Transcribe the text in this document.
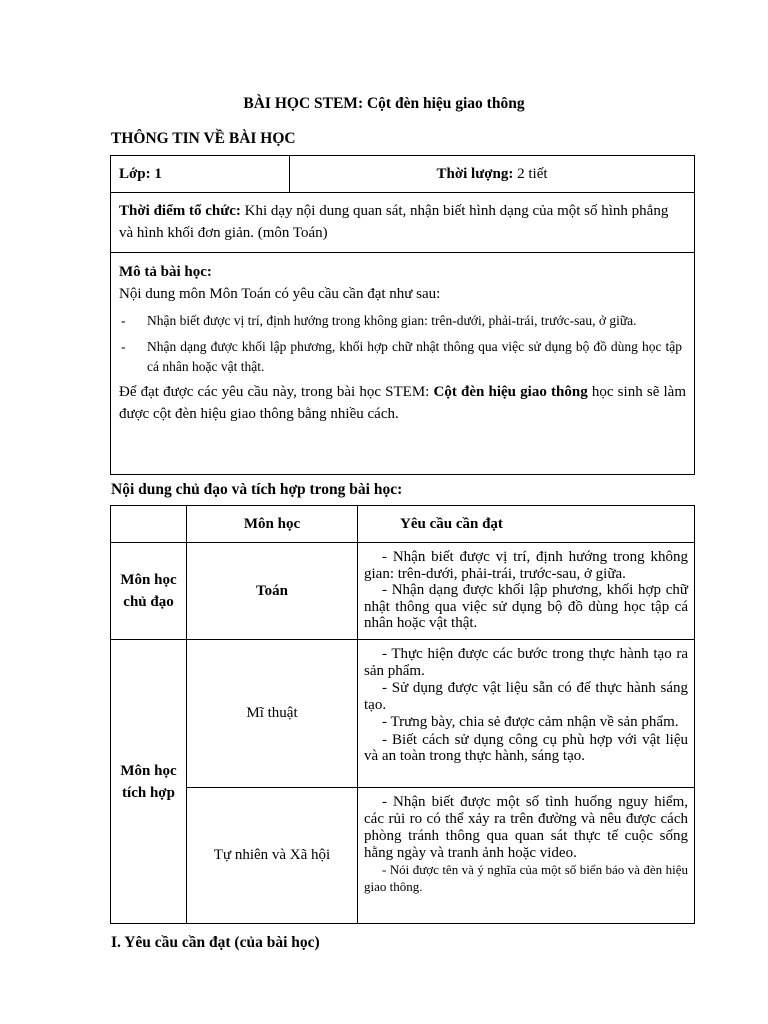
BÀI HỌC STEM: Cột đèn hiệu giao thông
THÔNG TIN VỀ BÀI HỌC
Lớp: 1	Thời lượng: 2 tiết
Thời điểm tổ chức: Khi dạy nội dung quan sát, nhận biết hình dạng của một số hình phẳng và hình khối đơn giản. (môn Toán)

Mô tả bài học:
Nội dung môn Môn Toán có yêu cầu cần đạt như sau:
-	Nhận biết được vị trí, định hướng trong không gian: trên-dưới, phải-trái, trước-sau, ở giữa.
-	Nhận dạng được khối lập phương, khối hợp chữ nhật thông qua việc sử dụng bộ đồ dùng học tập cá nhân hoặc vật thật.
Để đạt được các yêu cầu này, trong bài học STEM: Cột đèn hiệu giao thông học sinh sẽ làm được cột đèn hiệu giao thông bằng nhiều cách.
Nội dung chủ đạo và tích hợp trong bài học:
	Môn học	Yêu cầu cần đạt
Môn học chủ đạo	Toán	- Nhận biết được vị trí, định hướng trong không gian: trên-dưới, phải-trái, trước-sau, ở giữa.

- Nhận dạng được khối lập phương, khối hợp chữ nhật thông qua việc sử dụng bộ đồ dùng học tập cá nhân hoặc vật thật.

Môn học tích hợp	Mĩ thuật	- Thực hiện được các bước trong thực hành tạo ra sản phẩm.

- Sử dụng được vật liệu sẵn có để thực hành sáng tạo.

- Trưng bày, chia sẻ được cảm nhận về sản phẩm.

- Biết cách sử dụng công cụ phù hợp với vật liệu và an toàn trong thực hành, sáng tạo.

	Tự nhiên và Xã hội	- Nhận biết được một số tình huống nguy hiểm, các rủi ro có thể xảy ra trên đường và nêu được cách phòng tránh thông qua quan sát thực tế cuộc sống hằng ngày và tranh ảnh hoặc video.

- Nói được tên và ý nghĩa của một số biển báo và đèn hiệu giao thông.

I. Yêu cầu cần đạt (của bài học)
